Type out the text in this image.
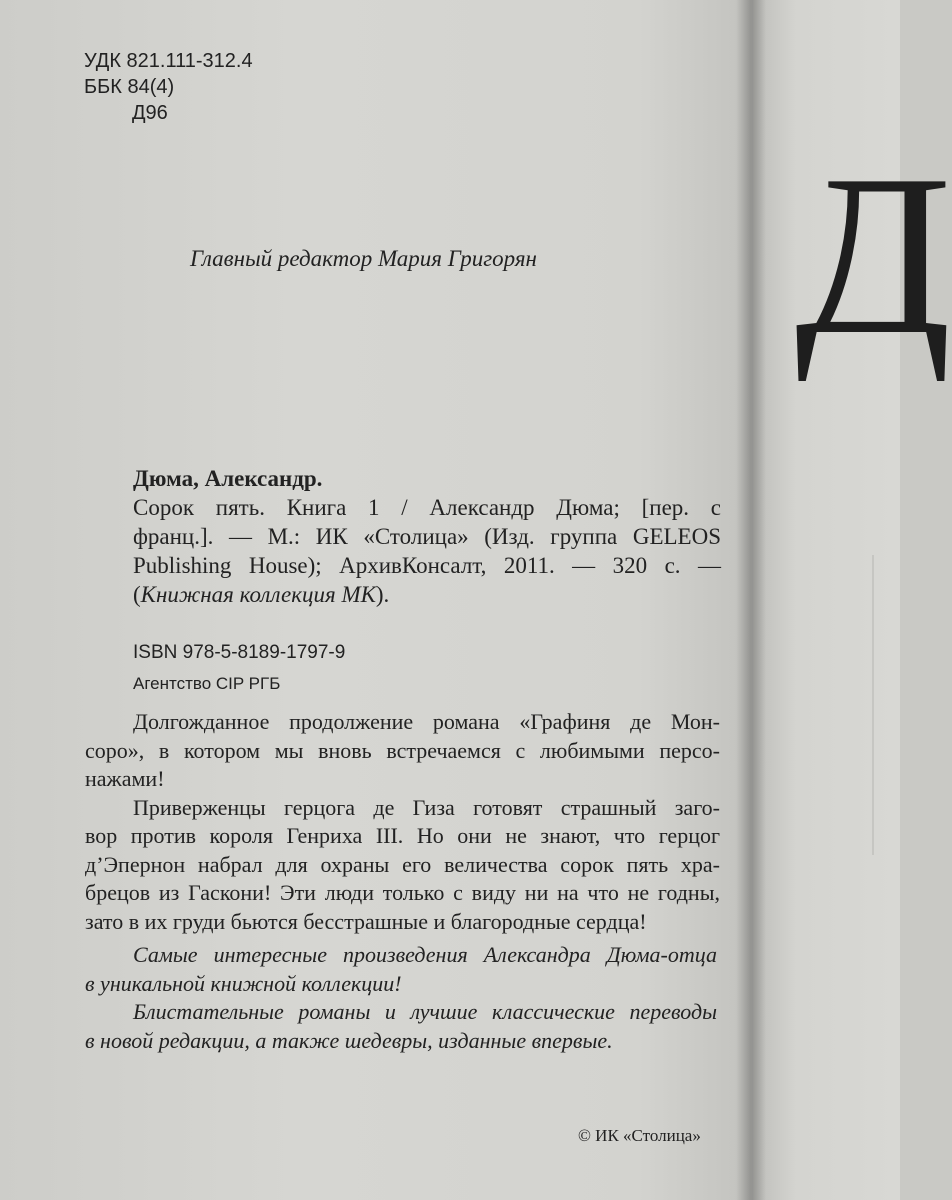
Д
УДК 821.111-312.4
ББК 84(4)
Д96
Главный редактор Мария Григорян
Дюма, Александр.
Сорок пять. Книга 1 / Александр Дюма; [пер. с
франц.]. — М.: ИК «Столица» (Изд. группа GELEOS
Publishing House); АрхивКонсалт, 2011. — 320 с. —
(Книжная коллекция МК).
ISBN 978-5-8189-1797-9
Агентство CIP РГБ

Долгожданное продолжение романа «Графиня де Мон-
соро», в котором мы вновь встречаемся с любимыми персо-
нажами!

Приверженцы герцога де Гиза готовят страшный заго-
вор против короля Генриха III. Но они не знают, что герцог
д’Эпернон набрал для охраны его величества сорок пять хра-
брецов из Гаскони! Эти люди только с виду ни на что не годны,
зато в их груди бьются бесстрашные и благородные сердца!

Самые интересные произведения Александра Дюма-отца
в уникальной книжной коллекции!

Блистательные романы и лучшие классические переводы
в новой редакции, а также шедевры, изданные впервые.

© ИК «Столица»
